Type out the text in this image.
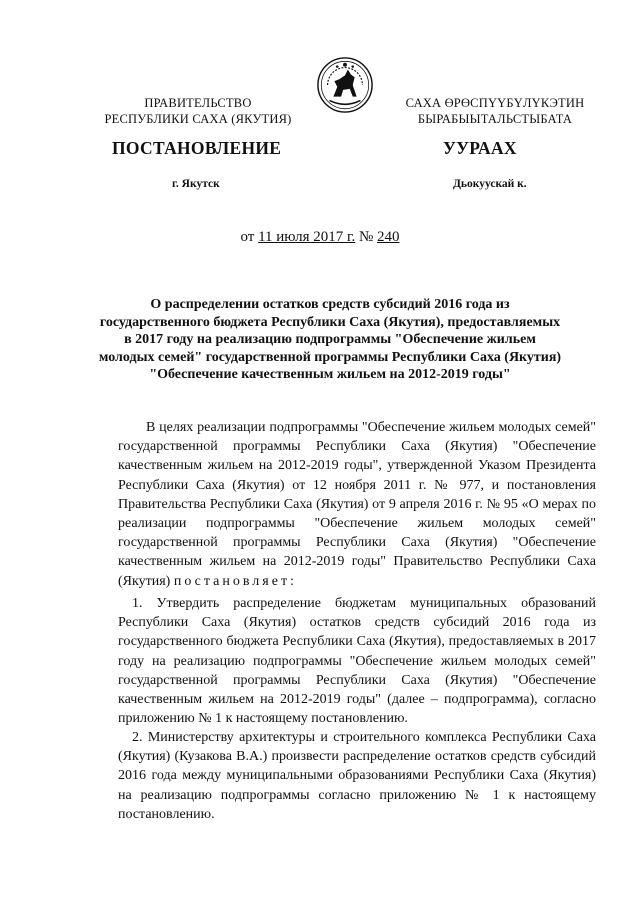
ПРАВИТЕЛЬСТВО
РЕСПУБЛИКИ САХА (ЯКУТИЯ)
САХА ӨРӨСПҮҮБҮЛҮКЭТИН
БЫРАБЫЫТАЛЬСТЫБАТА
ПОСТАНОВЛЕНИЕ	УУРААХ
г. Якутск	Дьокуускай к.
от 11 июля 2017 г. № 240
О распределении остатков средств субсидий 2016 года из
государственного бюджета Республики Саха (Якутия), предоставляемых
в 2017 году на реализацию подпрограммы "Обеспечение жильем
молодых семей" государственной программы Республики Саха (Якутия)
"Обеспечение качественным жильем на 2012-2019 годы"
В целях реализации подпрограммы "Обеспечение жильем молодых семей" государственной программы Республики Саха (Якутия) "Обеспечение качественным жильем на 2012-2019 годы", утвержденной Указом Президента Республики Саха (Якутия) от 12 ноября 2011 г. № 977, и постановления Правительства Республики Саха (Якутия) от 9 апреля 2016 г. № 95 «О мерах по реализации подпрограммы "Обеспечение жильем молодых семей" государственной программы Республики Саха (Якутия) "Обеспечение качественным жильем на 2012-2019 годы" Правительство Республики Саха (Якутия) постановляет:
1. Утвердить распределение бюджетам муниципальных образований Республики Саха (Якутия) остатков средств субсидий 2016 года из государственного бюджета Республики Саха (Якутия), предоставляемых в 2017 году на реализацию подпрограммы "Обеспечение жильем молодых семей" государственной программы Республики Саха (Якутия) "Обеспечение качественным жильем на 2012-2019 годы" (далее – подпрограмма), согласно приложению № 1 к настоящему постановлению.
2. Министерству архитектуры и строительного комплекса Республики Саха (Якутия) (Кузакова В.А.) произвести распределение остатков средств субсидий 2016 года между муниципальными образованиями Республики Саха (Якутия) на реализацию подпрограммы согласно приложению № 1 к настоящему постановлению.
